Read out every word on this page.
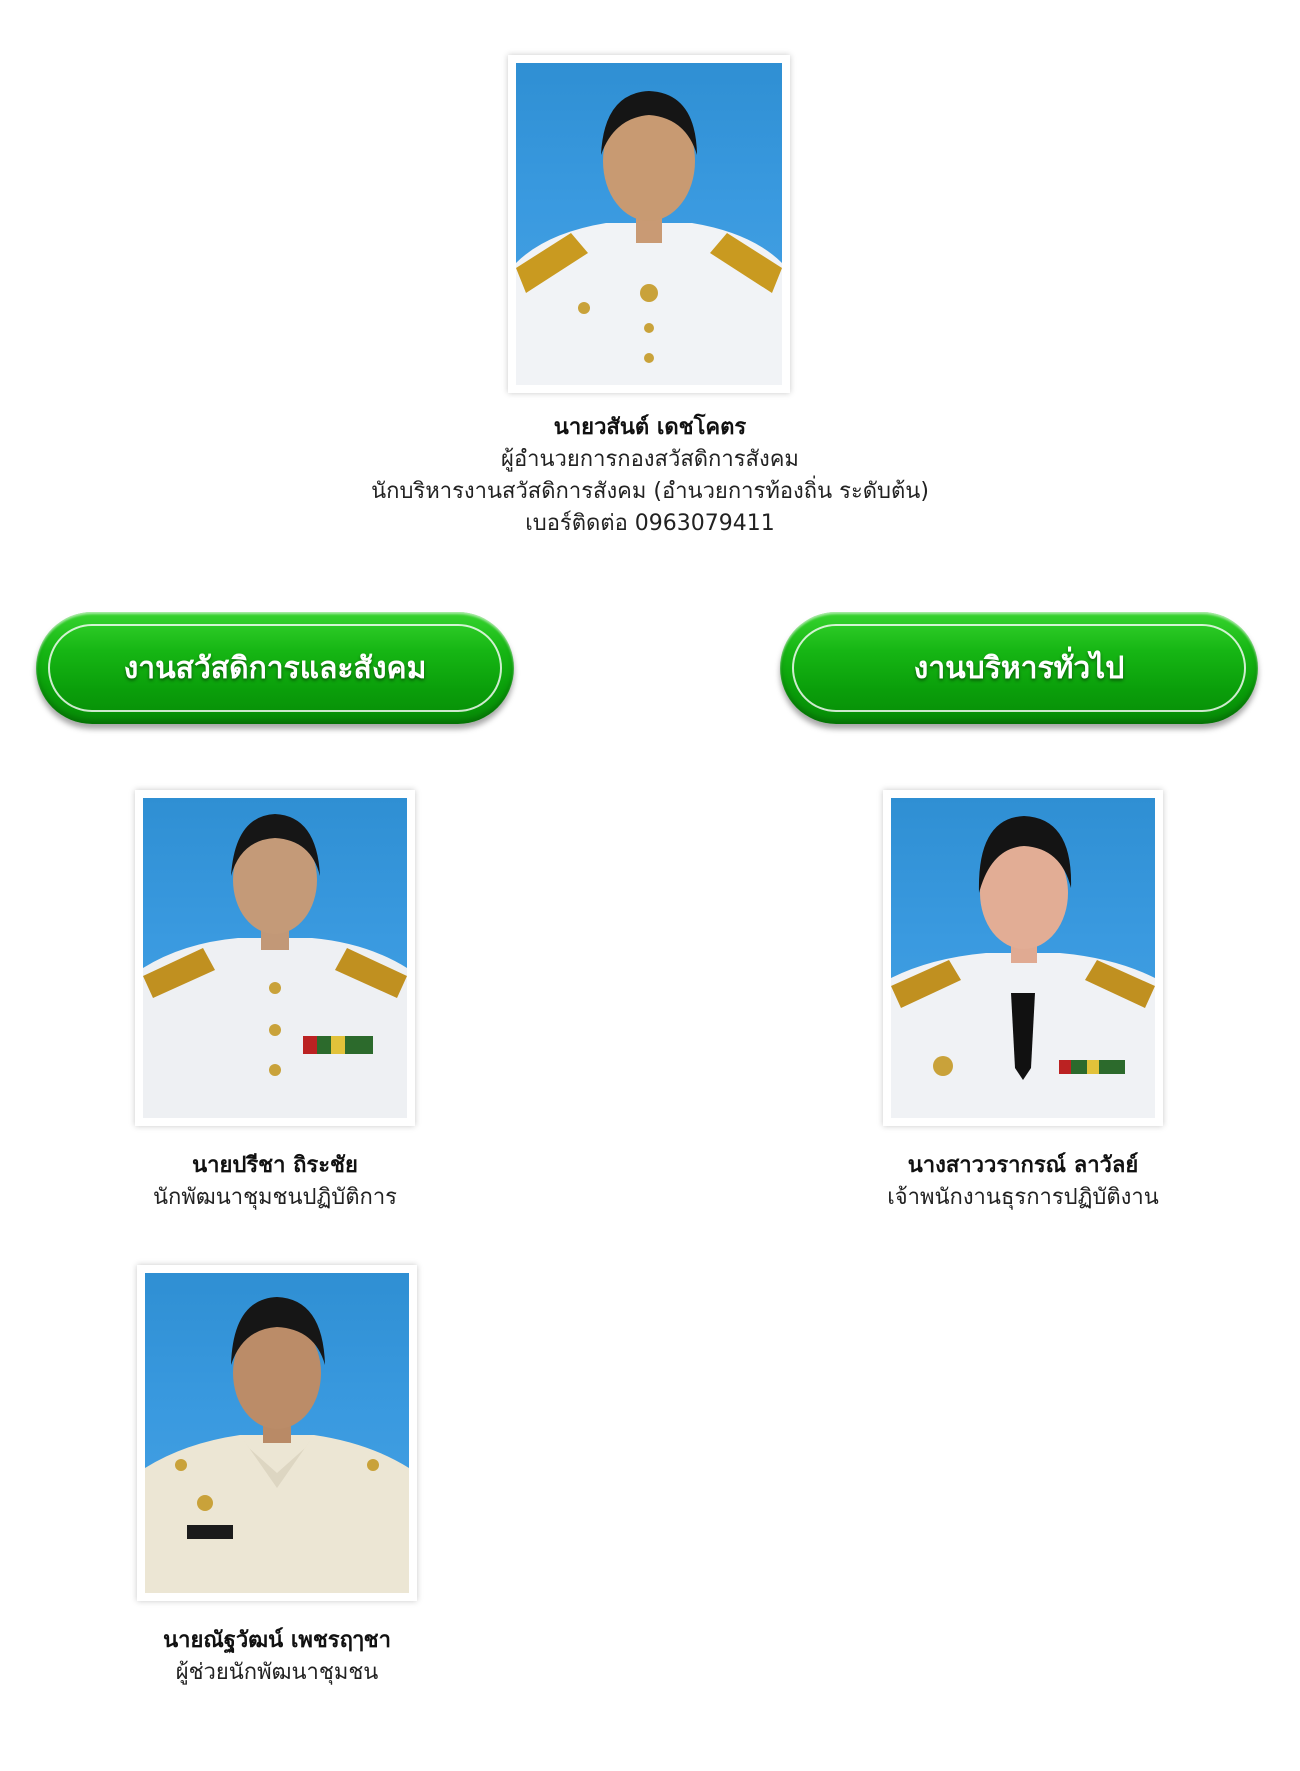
นายวสันต์ เดชโคตร
ผู้อำนวยการกองสวัสดิการสังคม
นักบริหารงานสวัสดิการสังคม (อำนวยการท้องถิ่น ระดับต้น)
เบอร์ติดต่อ 0963079411
งานสวัสดิการและสังคม	งานบริหารทั่วไป
นายปรีชา ถิระชัย
นักพัฒนาชุมชนปฏิบัติการ
นางสาววรากรณ์ ลาวัลย์
เจ้าพนักงานธุรการปฏิบัติงาน
นายณัฐวัฒน์ เพชรฤๅชา
ผู้ช่วยนักพัฒนาชุมชน
